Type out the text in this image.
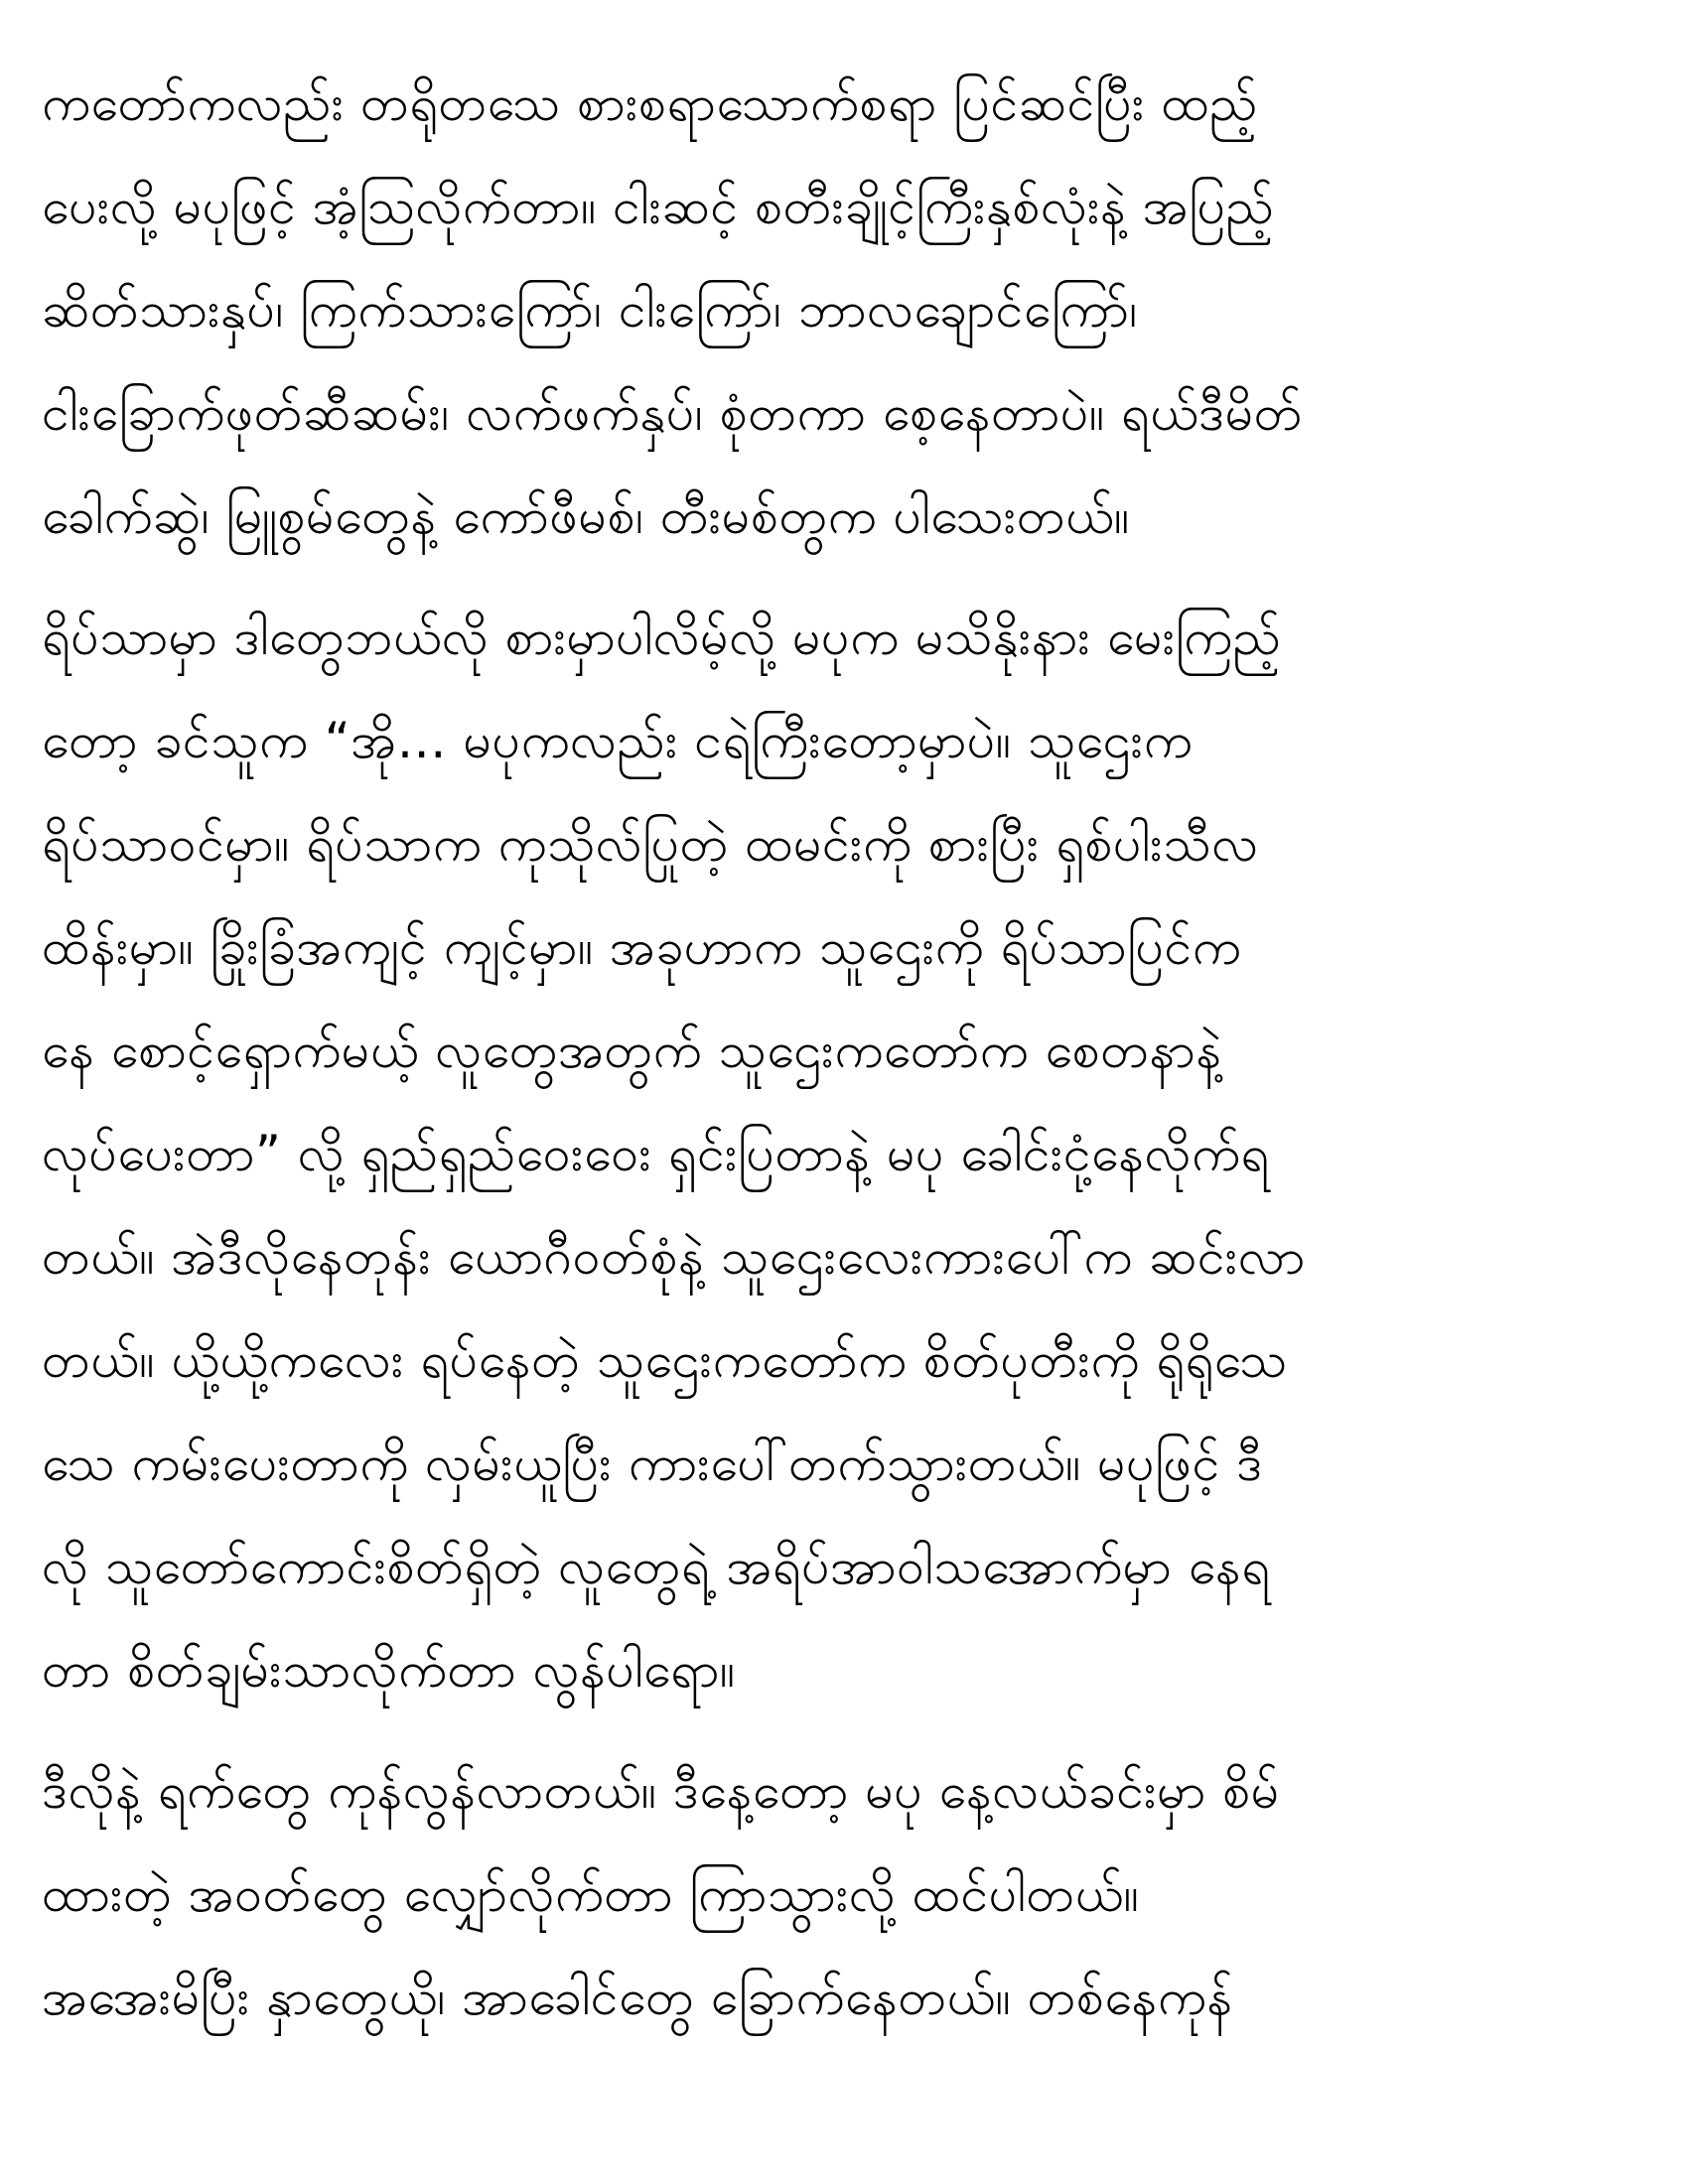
ကတော်ကလည်း တရိုတသေ စားစရာသောက်စရာ ပြင်ဆင်ပြီး ထည့်
ပေးလို့ မပုဖြင့် အံ့သြလိုက်တာ။ ငါးဆင့် စတီးချိုင့်ကြီးနှစ်လုံးနဲ့ အပြည့်
ဆိတ်သားနှပ်၊ ကြက်သားကြော်၊ ငါးကြော်၊ ဘာလချောင်ကြော်၊
ငါးခြောက်ဖုတ်ဆီဆမ်း၊ လက်ဖက်နှပ်၊ စုံတကာ စေ့နေတာပဲ။ ရယ်ဒီမိတ်
ခေါက်ဆွဲ၊ မြူစွမ်တွေနဲ့ ကော်ဖီမစ်၊ တီးမစ်တွက ပါသေးတယ်။
ရိပ်သာမှာ ဒါတွေဘယ်လို စားမှာပါလိမ့်လို့ မပုက မသိနိုးနား မေးကြည့်
တော့ ခင်သူက “အို… မပုကလည်း ငရဲကြီးတော့မှာပဲ။ သူဌေးက
ရိပ်သာဝင်မှာ။ ရိပ်သာက ကုသိုလ်ပြုတဲ့ ထမင်းကို စားပြီး ရှစ်ပါးသီလ
ထိန်းမှာ။ ခြိုးခြံအကျင့် ကျင့်မှာ။ အခုဟာက သူဌေးကို ရိပ်သာပြင်က
နေ စောင့်ရှောက်မယ့် လူတွေအတွက် သူဌေးကတော်က စေတနာနဲ့
လုပ်ပေးတာ” လို့ ရှည်ရှည်ဝေးဝေး ရှင်းပြတာနဲ့ မပု ခေါင်းငုံ့နေလိုက်ရ
တယ်။ အဲဒီလိုနေတုန်း ယောဂီဝတ်စုံနဲ့ သူဌေးလေးကားပေါ်က ဆင်းလာ
တယ်။ ယို့ယို့ကလေး ရပ်နေတဲ့ သူဌေးကတော်က စိတ်ပုတီးကို ရိုရိုသေ
သေ ကမ်းပေးတာကို လှမ်းယူပြီး ကားပေါ်တက်သွားတယ်။ မပုဖြင့် ဒီ
လို သူတော်ကောင်းစိတ်ရှိတဲ့ လူတွေရဲ့ အရိပ်အာဝါသအောက်မှာ နေရ
တာ စိတ်ချမ်းသာလိုက်တာ လွန်ပါရော။
ဒီလိုနဲ့ ရက်တွေ ကုန်လွန်လာတယ်။ ဒီနေ့တော့ မပု နေ့လယ်ခင်းမှာ စိမ်
ထားတဲ့ အဝတ်တွေ လျှော်လိုက်တာ ကြာသွားလို့ ထင်ပါတယ်။
အအေးမိပြီး နှာတွေယို၊ အာခေါင်တွေ ခြောက်နေတယ်။ တစ်နေကုန်
